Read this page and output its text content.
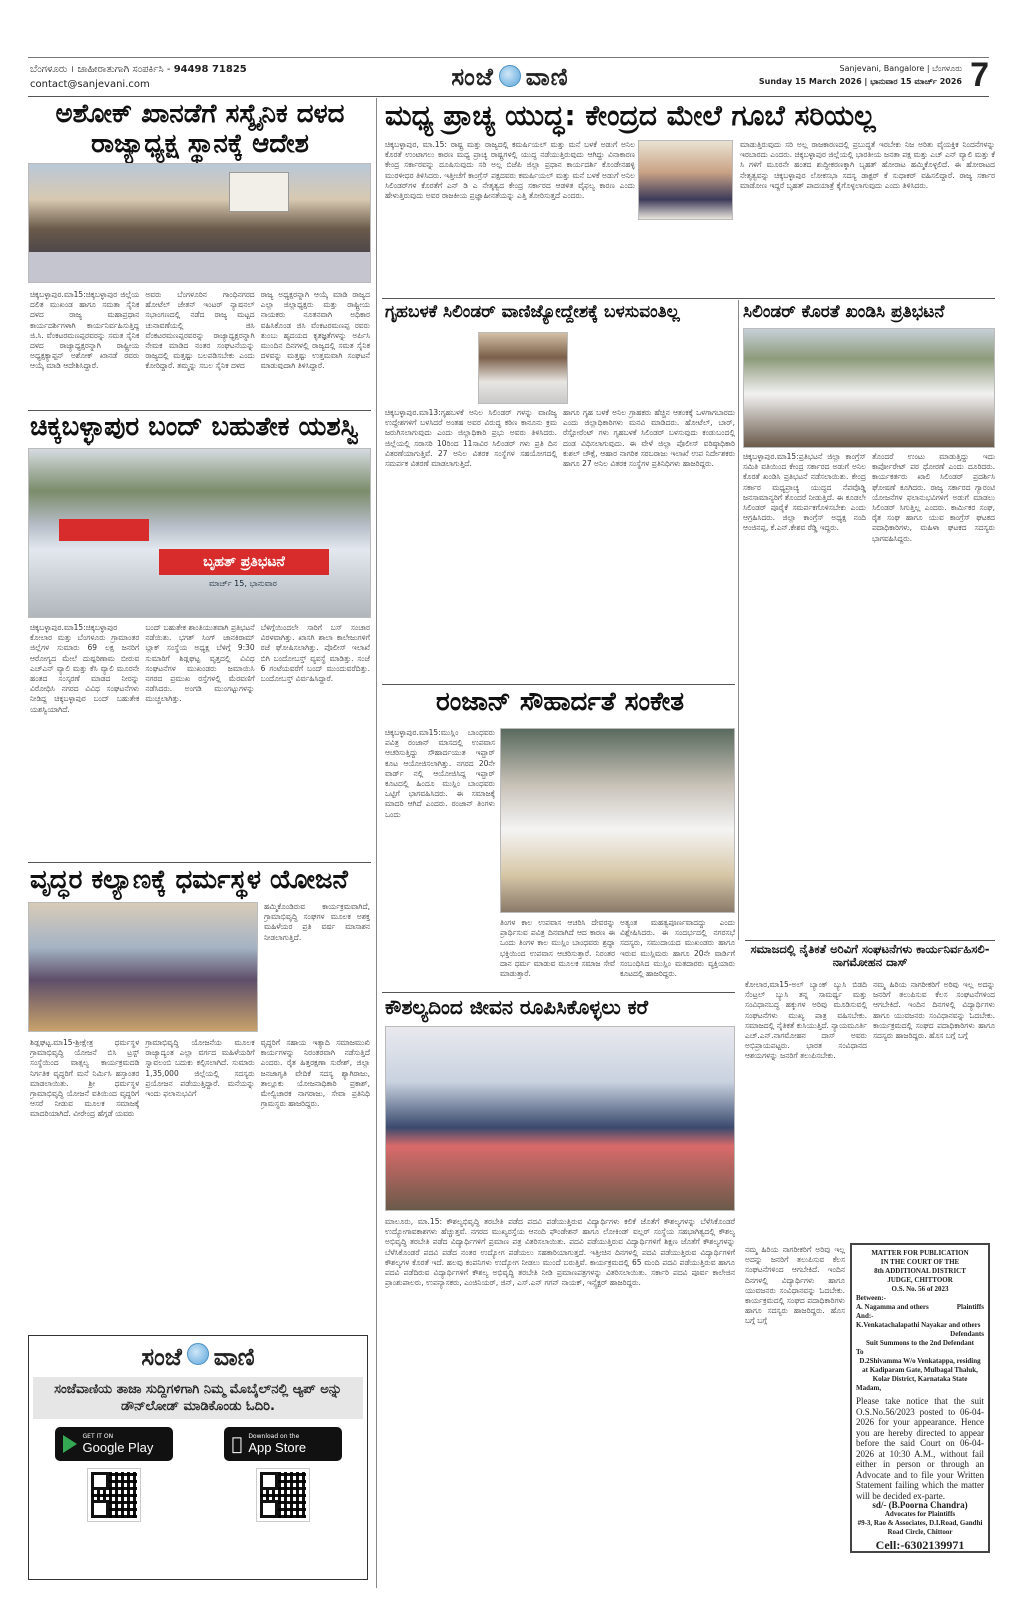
ಬೆಂಗಳೂರು । ಜಾಹೀರಾತುಗಾಗಿ ಸಂಪರ್ಕಿಸಿ - 94498 71825
contact@sanjevani.com	ಸಂಜೆ ವಾಣಿ	Sanjevani, Bangalore | ಬೆಂಗಳೂರು
Sunday 15 March 2026 | ಭಾನುವಾರ 15 ಮಾರ್ಚ್ 2026 7
ಅಶೋಕ್ ಖಾನಡೆಗೆ ಸಸ್ಶೈನಿಕ ದಳದ ರಾಜ್ಯಾಧ್ಯಕ್ಷ ಸ್ಥಾನಕ್ಕೆ ಆದೇಶ
ಚಿಕ್ಕಬಳ್ಳಾಪುರ.ಮಾ15:ಚಿಕ್ಕಬಳ್ಳಾಪುರ ಜಿಲ್ಲೆಯ ದಲಿತ ಮುಖಂಡ ಹಾಗೂ ಸಮತಾ ಸೈನಿಕ ದಳದ ರಾಜ್ಯ ಮಹಾಪ್ರಧಾನ ಕಾರ್ಯದರ್ಶಿಗಳಾಗಿ ಕಾರ್ಯನಿರ್ವಹಿಸುತ್ತಿದ್ದ ಜಿ.ಸಿ. ವೆಂಕಟರಮಣಪ್ಪರವರನ್ನು ಸಮತ ಸೈನಿಕ ದಳದ ರಾಜ್ಯಾಧ್ಯಕ್ಷರನ್ನಾಗಿ ರಾಷ್ಟ್ರೀಯ ಅಧ್ಯಕ್ಷಕ್ಯಾಪ್ಟನ್ ಅಶೋಕ್ ಖಾನಡೆ ರವರು ಆಯ್ಕೆ ಮಾಡಿ ಆದೇಶಿಸಿದ್ದಾರೆ.
ಅವರು ಬೆಂಗಳೂರಿನ ಗಾಂಧಿನಗರದ ಹೋಟೆಲ್ ಜೇತನ್ ಇಂಟರ್ ನ್ಯಾಷನಲ್ ಸಭಾಂಗಣದಲ್ಲಿ ನಡೆದ ರಾಜ್ಯ ಮಟ್ಟದ ಚುನಾವಣೆಯಲ್ಲಿ ಜಿಸಿ ವೆಂಕಟರಮಣಪ್ಪರವರನ್ನು ರಾಜ್ಯಾಧ್ಯಕ್ಷರನ್ನಾಗಿ ನೇಮಕ ಮಾಡಿದ ನಂತರ ಸಂಘಟನೆಯನ್ನು ರಾಜ್ಯದಲ್ಲಿ ಮತ್ತಷ್ಟು ಬಲಪಡಿಸಬೇಕು ಎಂದು ಕೋರಿದ್ದಾರೆ. ತಮ್ಮನ್ನು ಸಬಲ ಸೈನಿಕ ದಳದ
ರಾಜ್ಯ ಅಧ್ಯಕ್ಷರನ್ನಾಗಿ ಆಯ್ಕೆ ಮಾಡಿ ರಾಜ್ಯದ ಎಲ್ಲಾ ಜಿಲ್ಲಾಧ್ಯಕ್ಷರು ಮತ್ತು ರಾಷ್ಟ್ರೀಯ ನಾಯಕರು ನೂತನವಾಗಿ ಅಧಿಕಾರ ವಹಿಸಿಕೊಂಡ ಜಿಸಿ ವೆಂಕಟರಮಣಪ್ಪ ರವರು ತುಂಬು ಹೃದಯದ ಕೃತಜ್ಞತೆಗಳನ್ನು ಅರ್ಪಿಸಿ ಮುಂದಿನ ದಿನಗಳಲ್ಲಿ ರಾಜ್ಯದಲ್ಲಿ ಸಮತ ಸೈನಿಕ ದಳವನ್ನು ಮತ್ತಷ್ಟು ಉತ್ತಮವಾಗಿ ಸಂಘಟನೆ ಮಾಡುವುದಾಗಿ ತಿಳಿಸಿದ್ದಾರೆ.
ಚಿಕ್ಕಬಳ್ಳಾಪುರ ಬಂದ್ ಬಹುತೇಕ ಯಶಸ್ವಿ
ಬೃಹತ್ ಪ್ರತಿಭಟನೆ
ಮಾರ್ಚ್ 15, ಭಾನುವಾರ
ಚಿಕ್ಕಬಳ್ಳಾಪುರ.ಮಾ15:ಚಿಕ್ಕಬಳ್ಳಾಪುರ ಕೋಲಾರ ಮತ್ತು ಬೆಂಗಳೂರು ಗ್ರಾಮಾಂತರ ಜಿಲ್ಲೆಗಳ ಸುಮಾರು 69 ಲಕ್ಷ ಜನರಿಗೆ ಆರೋಗ್ಯದ ಮೇಲೆ ದುಷ್ಪರಿಣಾಮ ಬೀರುವ ಎಚ್‌ಎನ್ ವ್ಯಾಲಿ ಮತ್ತು ಕೆಸಿ ವ್ಯಾಲಿ ಮೂರನೇ ಹಂತದ ಸಂಸ್ಕರಣೆ ಮಾಡದ ನೀರನ್ನು ವಿರೋಧಿಸಿ ನಗರದ ವಿವಿಧ ಸಂಘಟನೆಗಳು ನೀಡಿದ್ದ ಚಿಕ್ಕಬಳ್ಳಾಪುರ ಬಂದ್ ಬಹುತೇಕ ಯಶಸ್ವಿಯಾಗಿದೆ.
ಬಂದ್ ಬಹುತೇಕ ಶಾಂತಿಯುತವಾಗಿ ಪ್ರತಿಭಟನೆ ನಡೆಯಿತು. ಭಗತ್ ಸಿಂಗ್ ಜಾನಕಿರಾಮ್ ಬ್ಲಾಕ್ ಸಂಸ್ಥೆಯ ಅಧ್ಯಕ್ಷ ಬೆಳಿಗ್ಗೆ 9:30 ಸುಮಾರಿಗೆ ಶಿಡ್ಲಘಟ್ಟ ವೃತ್ತದಲ್ಲಿ ವಿವಿಧ ಸಂಘಟನೆಗಳ ಮುಖಂಡರು ಜಮಾಯಿಸಿ ನಗರದ ಪ್ರಮುಖ ರಸ್ತೆಗಳಲ್ಲಿ ಮೆರವಣಿಗೆ ನಡೆಸಿದರು. ಅಂಗಡಿ ಮುಂಗಟ್ಟುಗಳನ್ನು ಮುಚ್ಚಲಾಗಿತ್ತು.
ಬೆಳಿಗ್ಗೆಯಿಂದಲೇ ಸಾರಿಗೆ ಬಸ್ ಸಂಚಾರ ವಿರಳವಾಗಿತ್ತು. ಖಾಸಗಿ ಶಾಲಾ ಕಾಲೇಜುಗಳಿಗೆ ರಜೆ ಘೋಷಿಸಲಾಗಿತ್ತು. ಪೊಲೀಸ್ ಇಲಾಖೆ ಬಿಗಿ ಬಂದೋಬಸ್ತ್ ವ್ಯವಸ್ಥೆ ಮಾಡಿತ್ತು. ಸಂಜೆ 6 ಗಂಟೆಯವರೆಗೆ ಬಂದ್ ಮುಂದುವರೆದಿತ್ತು. ಬಂದೋಬಸ್ತ್ ವಿರ್ವಹಿಸಿದ್ದಾರೆ.
ವೃದ್ಧರ ಕಲ್ಯಾಣಕ್ಕೆ ಧರ್ಮಸ್ಥಳ ಯೋಜನೆ
ಹಮ್ಮಿಕೊಂಡಿರುವ ಕಾರ್ಯಕ್ರಮವಾಗಿದೆ, ಗ್ರಾಮಾಭಿವೃದ್ಧಿ ಸಂಘಗಳ ಮೂಲಕ ಅಶಕ್ತ ಮಹಿಳೆಯರ ಪ್ರತಿ ವರ್ಷ ಮಾಸಾಶನ ನೀಡಲಾಗುತ್ತಿದೆ.
ಶಿಡ್ಲಘಟ್ಟ.ಮಾ15-ಶ್ರೀಕ್ಷೇತ್ರ ಧರ್ಮಸ್ಥಳ ಗ್ರಾಮಾಭಿವೃದ್ಧಿ ಯೋಜನೆ ಬಿಸಿ ಟ್ರಸ್ಟ್ ಸಂಸ್ಥೆಯಿಂದ ವಾತ್ಸಲ್ಯ ಕಾರ್ಯಕ್ರಮದಡಿ ನಿರ್ಗತಿಕ ವೃದ್ಧರಿಗೆ ಮನೆ ನಿರ್ಮಿಸಿ ಹಸ್ತಾಂತರ ಮಾಡಲಾಯಿತು. ಶ್ರೀ ಧರ್ಮಸ್ಥಳ ಗ್ರಾಮಾಭಿವೃದ್ಧಿ ಯೋಜನೆ ವತಿಯಿಂದ ವೃದ್ಧರಿಗೆ ಆಸರೆ ನೀಡುವ ಮೂಲಕ ಸಮಾಜಕ್ಕೆ ಮಾದರಿಯಾಗಿದೆ. ವೀರೇಂದ್ರ ಹೆಗ್ಗಡೆ ಯವರು
ಗ್ರಾಮಾಭಿವೃದ್ಧಿ ಯೋಜನೆಯ ಮೂಲಕ ರಾಜ್ಯಾದ್ಯಂತ ಎಲ್ಲಾ ವರ್ಗದ ಮಹಿಳೆಯರಿಗೆ ಸ್ವಾವಲಂಬಿ ಬದುಕು ಕಲ್ಪಿಸಲಾಗಿದೆ. ಸುಮಾರು 1,35,000 ಜಿಲ್ಲೆಯಲ್ಲಿ ಸದಸ್ಯರು ಪ್ರಯೋಜನ ಪಡೆಯುತ್ತಿದ್ದಾರೆ. ಮನೆಯನ್ನು ಇಂದು ಫಲಾನುಭವಿಗೆ
ವೃದ್ಧರಿಗೆ ಸಹಾಯ ಇತ್ಯಾದಿ ಸಮಾಜಮುಖಿ ಕಾರ್ಯಗಳನ್ನು ನಿರಂತರವಾಗಿ ನಡೆಸುತ್ತಿದೆ ಎಂದರು. ರೈತ ಹಿತ್ತರಕ್ಷಣಾ ಸುರೇಶ್, ಜಿಲ್ಲಾ ಜನಜಾಗೃತಿ ವೇದಿಕೆ ಸದಸ್ಯ ಶ್ಯಾಗಿರಾಜು, ತಾಲ್ಲೂಕು ಯೋಜನಾಧಿಕಾರಿ ಪ್ರಕಾಶ್, ಮೇಲ್ವಿಚಾರಕ ನಾಗರಾಜು, ಸೇವಾ ಪ್ರತಿನಿಧಿ ಗ್ರಾಮಸ್ಥರು ಹಾಜರಿದ್ದರು.
ಸಂಜೆ ವಾಣಿ
ಸಂಜೆವಾಣಿಯ ತಾಜಾ ಸುದ್ದಿಗಳಿಗಾಗಿ ನಿಮ್ಮ ಮೊಬೈಲ್‌ನಲ್ಲಿ ಆ್ಯಪ್ ಅನ್ನು ಡೌನ್‌ಲೋಡ್ ಮಾಡಿಕೊಂಡು ಓದಿರಿ.
GET IT ON
Google Play
Download on the
App Store
ಮಧ್ಯ ಪ್ರಾಚ್ಯ ಯುದ್ಧ: ಕೇಂದ್ರದ ಮೇಲೆ ಗೂಬೆ ಸರಿಯಲ್ಲ
ಚಿಕ್ಕಬಳ್ಳಾಪುರ, ಮಾ.15: ರಾಷ್ಟ್ರ ಮತ್ತು ರಾಜ್ಯದಲ್ಲಿ ಕಮರ್ಷಿಯಲ್ ಮತ್ತು ಮನೆ ಬಳಕೆ ಅಡುಗೆ ಅನಿಲ ಕೊರತೆ ಉಂಟಾಗಲು ಕಾರಣ ಮಧ್ಯ ಪ್ರಾಚ್ಯ ರಾಷ್ಟ್ರಗಳಲ್ಲಿ ಯುದ್ಧ ನಡೆಯುತ್ತಿರುವುದು ಆಗಿದ್ದು ವಿನಾಕಾರಣ ಕೇಂದ್ರ ಸರ್ಕಾರವನ್ನು ದೂಷಿಸುವುದು ಸರಿ ಅಲ್ಲ ಬಿಜೆಪಿ ಜಿಲ್ಲಾ ಪ್ರಧಾನ ಕಾರ್ಯದರ್ಶಿ ಕೊಂಡೇನಹಳ್ಳಿ ಮುರಳೀಧರ ತಿಳಿಸಿದರು. ಇತ್ತೀಚೆಗೆ ಕಾಂಗ್ರೆಸ್ ಪಕ್ಷದವರು ಕಮರ್ಷಿಯಲ್ ಮತ್ತು ಮನೆ ಬಳಕೆ ಅಡುಗೆ ಅನಿಲ ಸಿಲಿಂಡರ್‌ಗಳ ಕೊರತೆಗೆ ಎನ್ ಡಿ ಎ ನೇತೃತ್ವದ ಕೇಂದ್ರ ಸರ್ಕಾರದ ಆಡಳಿತ ವೈಫಲ್ಯ ಕಾರಣ ಎಂದು ಹೇಳುತ್ತಿರುವುದು ಅವರ ರಾಜಕೀಯ ಪ್ರಜ್ಞಾಹೀನತೆಯನ್ನು ಎತ್ತಿ ತೋರಿಸುತ್ತದೆ ಎಂದರು.
ಮಾಡುತ್ತಿರುವುದು ಸರಿ ಅಲ್ಲ ರಾಜಕಾರಣದಲ್ಲಿ ಪ್ರಬುದ್ಧತೆ ಇರಬೇಕು ನಿಜ ಅರಿತು ವೈಯಕ್ತಿಕ ನಿಂದನೆಗಳನ್ನು ಇರಬಾರದು ಎಂದರು. ಚಿಕ್ಕಬಳ್ಳಾಪುರ ಜಿಲ್ಲೆಯಲ್ಲಿ ಭಾರತೀಯ ಜನತಾ ಪಕ್ಷ ಮತ್ತು ಎಚ್ ಎನ್ ವ್ಯಾಲಿ ಮತ್ತು ಕೆ ಸಿ ಗಳಿಗೆ ಮೂರನೇ ಹಂತದ ಶುದ್ಧೀಕರಣಕ್ಕಾಗಿ ಬೃಹತ್ ಹೋರಾಟ ಹಮ್ಮಿಕೊಳ್ಳಲಿದೆ. ಈ ಹೋರಾಟದ ನೇತೃತ್ವವನ್ನು ಚಿಕ್ಕಬಳ್ಳಾಪುರ ಲೋಕಸಭಾ ಸದಸ್ಯ ಡಾಕ್ಟರ್ ಕೆ ಸುಧಾಕರ್ ವಹಿಸಲಿದ್ದಾರೆ. ರಾಜ್ಯ ಸರ್ಕಾರ ಮಾಡೋಣ ಇದ್ದರೆ ಬೃಹತ್ ಪಾದಯಾತ್ರೆ ಕೈಗೊಳ್ಳಲಾಗುವುದು ಎಂದು ತಿಳಿಸಿದರು.
ಗೃಹಬಳಕೆ ಸಿಲಿಂಡರ್ ವಾಣಿಜ್ಯೋದ್ದೇಶಕ್ಕೆ ಬಳಸುವಂತಿಲ್ಲ
ಚಿಕ್ಕಬಳ್ಳಾಪುರ.ಮಾ13:ಗೃಹಬಳಕೆ ಅನಿಲ ಸಿಲಿಂಡರ್ ಗಳನ್ನು ವಾಣಿಜ್ಯ ಉದ್ದೇಶಗಳಿಗೆ ಬಳಸಿದರೆ ಅಂತಹ ಅವರ ವಿರುದ್ಧ ಕಠಿಣ ಕಾನೂನು ಕ್ರಮ ಜರುಗಿಸಲಾಗುವುದು ಎಂದು ಜಿಲ್ಲಾಧಿಕಾರಿ ಪ್ರಭು ಅವರು ತಿಳಿಸಿದರು. ಜಿಲ್ಲೆಯಲ್ಲಿ ಸರಾಸರಿ 10ರಿಂದ 11ಸಾವಿರ ಸಿಲಿಂಡರ್ ಗಳು ಪ್ರತಿ ದಿನ ವಿತರಣೆಯಾಗುತ್ತಿವೆ. 27 ಅನಿಲ ವಿತರಕ ಸಂಸ್ಥೆಗಳ ಸಹಯೋಗದಲ್ಲಿ ಸಮರ್ಪಕ ವಿತರಣೆ ಮಾಡಲಾಗುತ್ತಿದೆ.
ಹಾಗೂ ಗೃಹ ಬಳಕೆ ಅನಿಲ ಗ್ರಾಹಕರು ಹೆಚ್ಚಿನ ಆತಂಕಕ್ಕೆ ಒಳಗಾಗಬಾರದು ಎಂದು ಜಿಲ್ಲಾಧಿಕಾರಿಗಳು ಮನವಿ ಮಾಡಿದರು. ಹೋಟೆಲ್, ಬಾರ್, ರೆಸ್ಟೋರೆಂಟ್ ಗಳು ಗೃಹಬಳಕೆ ಸಿಲಿಂಡರ್ ಬಳಸುವುದು ಕಂಡುಬಂದಲ್ಲಿ ದಂಡ ವಿಧಿಸಲಾಗುವುದು. ಈ ವೇಳೆ ಜಿಲ್ಲಾ ಪೊಲೀಸ್ ವರಿಷ್ಠಾಧಿಕಾರಿ ಕುಶಲ್ ಚೌಕ್ಸೆ, ಆಹಾರ ನಾಗರಿಕ ಸರಬರಾಜು ಇಲಾಖೆ ಉಪ ನಿರ್ದೇಶಕರು ಹಾಗೂ 27 ಅನಿಲ ವಿತರಕ ಸಂಸ್ಥೆಗಳ ಪ್ರತಿನಿಧಿಗಳು ಹಾಜರಿದ್ದರು.
ಸಿಲಿಂಡರ್ ಕೊರತೆ ಖಂಡಿಸಿ ಪ್ರತಿಭಟನೆ
ಚಿಕ್ಕಬಳ್ಳಾಪುರ.ಮಾ15:ಪ್ರತಿಭಟನೆ ಜಿಲ್ಲಾ ಕಾಂಗ್ರೆಸ್ ಸಮಿತಿ ವತಿಯಿಂದ ಕೇಂದ್ರ ಸರ್ಕಾರದ ಅಡುಗೆ ಅನಿಲ ಕೊರತೆ ಖಂಡಿಸಿ ಪ್ರತಿಭಟನೆ ನಡೆಸಲಾಯಿತು. ಕೇಂದ್ರ ಸರ್ಕಾರ ಮಧ್ಯಪ್ರಾಚ್ಯ ಯುದ್ಧದ ನೆಪವೊಡ್ಡಿ ಜನಸಾಮಾನ್ಯರಿಗೆ ತೊಂದರೆ ನೀಡುತ್ತಿದೆ. ಈ ಕೂಡಲೇ ಸಿಲಿಂಡರ್ ಪೂರೈಕೆ ಸಮರ್ಪಕಗೊಳಿಸಬೇಕು ಎಂದು ಆಗ್ರಹಿಸಿದರು. ಜಿಲ್ಲಾ ಕಾಂಗ್ರೆಸ್ ಅಧ್ಯಕ್ಷ ನಂದಿ ಆಂಜಿನಪ್ಪ, ಕೆ.ಎನ್.ಕೇಶವ ರೆಡ್ಡಿ ಇದ್ದರು.
ತೊಂದರೆ ಉಂಟು ಮಾಡುತ್ತಿದ್ದು ಇದು ಕಾರ್ಪೋರೇಟ್ ಪರ ಧೋರಣೆ ಎಂದು ದೂರಿದರು. ಕಾರ್ಯಕರ್ತರು ಖಾಲಿ ಸಿಲಿಂಡರ್ ಪ್ರದರ್ಶಿಸಿ ಘೋಷಣೆ ಕೂಗಿದರು. ರಾಜ್ಯ ಸರ್ಕಾರದ ಗ್ಯಾರಂಟಿ ಯೋಜನೆಗಳ ಫಲಾನುಭವಿಗಳಿಗೆ ಅಡುಗೆ ಮಾಡಲು ಸಿಲಿಂಡರ್ ಸಿಗುತ್ತಿಲ್ಲ ಎಂದರು. ಕಾರ್ಮಿಕರ ಸಂಘ, ರೈತ ಸಂಘ ಹಾಗೂ ಯುವ ಕಾಂಗ್ರೆಸ್ ಘಟಕದ ಪದಾಧಿಕಾರಿಗಳು, ಮಹಿಳಾ ಘಟಕದ ಸದಸ್ಯರು ಭಾಗವಹಿಸಿದ್ದರು.
ರಂಜಾನ್ ಸೌಹಾರ್ದತೆ ಸಂಕೇತ
ಚಿಕ್ಕಬಳ್ಳಾಪುರ.ಮಾ15:ಮುಸ್ಲಿಂ ಬಾಂಧವರು ಪವಿತ್ರ ರಂಜಾನ್ ಮಾಸದಲ್ಲಿ ಉಪವಾಸ ಆಚರಿಸುತ್ತಿದ್ದು ಸೌಹಾರ್ದಯುತ ಇಫ್ತಾರ್ ಕೂಟ ಆಯೋಜಿಸಲಾಗಿತ್ತು. ನಗರದ 20ನೇ ವಾರ್ಡ್ ನಲ್ಲಿ ಆಯೋಜಿಸಿದ್ದ ಇಫ್ತಾರ್ ಕೂಟದಲ್ಲಿ ಹಿಂದೂ ಮುಸ್ಲಿಂ ಬಾಂಧವರು ಒಟ್ಟಿಗೆ ಭಾಗವಹಿಸಿದರು. ಈ ಸಮಾಜಕ್ಕೆ ಮಾದರಿ ಆಗಿದೆ ಎಂದರು. ರಂಜಾನ್ ತಿಂಗಳು ಒಂದು
ತಿಂಗಳ ಕಾಲ ಉಪವಾಸ ಆಚರಿಸಿ ದೇವರನ್ನು ಪ್ರಾರ್ಥಿಸುವ ಪವಿತ್ರ ದಿನವಾಗಿದೆ ಆದ ಕಾರಣ ಈ ಒಂದು ತಿಂಗಳ ಕಾಲ ಮುಸ್ಲಿಂ ಬಾಂಧವರು ಶ್ರದ್ಧಾ ಭಕ್ತಿಯಿಂದ ಉಪವಾಸ ಆಚರಿಸುತ್ತಾರೆ. ನಿರಂತರ ದಾನ ಧರ್ಮ ಮಾಡುವ ಮೂಲಕ ಸಮಾಜ ಸೇವೆ ಮಾಡುತ್ತಾರೆ.
ಅತ್ಯಂತ ಮಹತ್ವಪೂರ್ಣವಾದದ್ದು ಎಂದು ವಿಶ್ಲೇಷಿಸಿದರು. ಈ ಸಂದರ್ಭದಲ್ಲಿ ನಗರಸಭೆ ಸದಸ್ಯರು, ಸಮುದಾಯದ ಮುಖಂಡರು ಹಾಗೂ ಇರುವ ಮುಸ್ಲಿಮರು ಹಾಗೂ 20ನೇ ವಾರ್ಡಿಗೆ ಸಂಬಂಧಿಸಿದ ಮುಸ್ಲಿಂ ಮತದಾರರು ವ್ಯಕ್ತಿಯಾರು ಕೂಟದಲ್ಲಿ ಹಾಜರಿದ್ದರು.
ಸಮಾಜದಲ್ಲಿ ನೈತಿಕತೆ ಅರಿವಿಗೆ ಸಂಘಟನೆಗಳು ಕಾರ್ಯನಿರ್ವಹಿಸಲಿ-ನಾಗಮೋಹನ ದಾಸ್
ಕೋಲಾರ,ಮಾ15-ಅಲ್ ಬ್ಯಾಂಕ್ ಬ್ಯುಸಿ ಬಿಡದಿ ಸೆಂಟ್ರಲ್ ಬ್ಯುಸಿ ತನ್ನ ಸಾಮರ್ಥ್ಯ ಮತ್ತು ಸಂವಿಧಾನಬದ್ಧ ಹಕ್ಕುಗಳ ಅರಿವು ಮೂಡಿಸುವಲ್ಲಿ ಸಂಘಟನೆಗಳು ಮುಖ್ಯ ಪಾತ್ರ ವಹಿಸಬೇಕು. ಸಮಾಜದಲ್ಲಿ ನೈತಿಕತೆ ಕುಸಿಯುತ್ತಿದೆ. ನ್ಯಾಯಮೂರ್ತಿ ಎಚ್.ಎನ್.ನಾಗಮೋಹನ ದಾಸ್ ಅವರು ಅಭಿಪ್ರಾಯಪಟ್ಟರು. ಭಾರತ ಸಂವಿಧಾನದ ಆಶಯಗಳನ್ನು ಜನರಿಗೆ ತಲುಪಿಸಬೇಕು.
ನಮ್ಮ ಹಿರಿಯ ನಾಗರೀಕರಿಗೆ ಅರಿವು ಇಲ್ಲ ಅದನ್ನು ಜನರಿಗೆ ತಲುಪಿಸುವ ಕೆಲಸ ಸಂಘಟನೆಗಳಿಂದ ಆಗಬೇಕಿದೆ. ಇಂದಿನ ದಿನಗಳಲ್ಲಿ ವಿದ್ಯಾರ್ಥಿಗಳು ಹಾಗೂ ಯುವಜನರು ಸಂವಿಧಾನವನ್ನು ಓದಬೇಕು. ಕಾರ್ಯಕ್ರಮದಲ್ಲಿ ಸಂಘದ ಪದಾಧಿಕಾರಿಗಳು ಹಾಗೂ ಸದಸ್ಯರು ಹಾಜರಿದ್ದರು. ಹೊಸ ಬಗ್ಗೆ ಬಗ್ಗೆ
ನಮ್ಮ ಹಿರಿಯ ನಾಗರೀಕರಿಗೆ ಅರಿವು ಇಲ್ಲ ಅದನ್ನು ಜನರಿಗೆ ತಲುಪಿಸುವ ಕೆಲಸ ಸಂಘಟನೆಗಳಿಂದ ಆಗಬೇಕಿದೆ. ಇಂದಿನ ದಿನಗಳಲ್ಲಿ ವಿದ್ಯಾರ್ಥಿಗಳು ಹಾಗೂ ಯುವಜನರು ಸಂವಿಧಾನವನ್ನು ಓದಬೇಕು. ಕಾರ್ಯಕ್ರಮದಲ್ಲಿ ಸಂಘದ ಪದಾಧಿಕಾರಿಗಳು ಹಾಗೂ ಸದಸ್ಯರು ಹಾಜರಿದ್ದರು. ಹೊಸ ಬಗ್ಗೆ ಬಗ್ಗೆ
ಕೌಶಲ್ಯದಿಂದ ಜೀವನ ರೂಪಿಸಿಕೊಳ್ಳಲು ಕರೆ
ಮಾಲೂರು, ಮಾ.15: ಕೌಶಲ್ಯಭಿವೃದ್ಧಿ ತರಬೇತಿ ಪಡೆದ ಪದವಿ ಪಡೆಯುತ್ತಿರುವ ವಿದ್ಯಾರ್ಥಿಗಳು ಕಲಿಕೆ ಜೊತೆಗೆ ಕೌಶಲ್ಯಗಳನ್ನು ಬೆಳೆಸಿಕೊಂಡರೆ ಉದ್ಯೋಗಾವಕಾಶಗಳು ಹೆಚ್ಚುತ್ತವೆ. ನಗರದ ಮುಖ್ಯರಸ್ತೆಯ ಆನಂದಿ ಫೌಂಡೇಶನ್ ಹಾಗೂ ಲೋಕಿಂಡ್ ವಲ್ಲರ್ ಸಂಸ್ಥೆಯ ಸಹಭಾಗಿತ್ವದಲ್ಲಿ ಕೌಶಲ್ಯ ಅಭಿವೃದ್ಧಿ ತರಬೇತಿ ಪಡೆದ ವಿದ್ಯಾರ್ಥಿಗಳಿಗೆ ಪ್ರಮಾಣ ಪತ್ರ ವಿತರಿಸಲಾಯಿತು. ಪದವಿ ಪಡೆಯುತ್ತಿರುವ ವಿದ್ಯಾರ್ಥಿಗಳಿಗೆ ಶಿಕ್ಷಣ ಜೊತೆಗೆ ಕೌಶಲ್ಯಗಳನ್ನು ಬೆಳೆಸಿಕೊಂಡರೆ ಪದವಿ ಪಡೆದ ನಂತರ ಉದ್ಯೋಗ ಪಡೆಯಲು ಸಹಕಾರಿಯಾಗುತ್ತದೆ. ಇತ್ತೀಚಿನ ದಿನಗಳಲ್ಲಿ ಪದವಿ ಪಡೆಯುತ್ತಿರುವ ವಿದ್ಯಾರ್ಥಿಗಳಿಗೆ ಕೌಶಲ್ಯಗಳ ಕೊರತೆ ಇದೆ. ಹಲವು ಕಂಪನಿಗಳು ಉದ್ಯೋಗ ನೀಡಲು ಮುಂದೆ ಬರುತ್ತಿವೆ. ಕಾರ್ಯಕ್ರಮದಲ್ಲಿ 65 ಮಂದಿ ಪದವಿ ಪಡೆಯುತ್ತಿರುವ ಹಾಗೂ ಪದವಿ ಪಡೆದಿರುವ ವಿದ್ಯಾರ್ಥಿಗಳಿಗೆ ಕೌಶಲ್ಯ ಅಭಿವೃದ್ಧಿ ತರಬೇತಿ ನೀಡಿ ಪ್ರಮಾಣಪತ್ರಗಳನ್ನು ವಿತರಿಸಲಾಯಿತು. ಸರ್ಕಾರಿ ಪದವಿ ಪೂರ್ವ ಕಾಲೇಜಿನ ಪ್ರಾಂಶುಪಾಲರು, ಉಪನ್ಯಾಸಕರು, ಎಂಜಿನಿಯರ್, ಜಿನ್, ಎಸ್.ಎನ್ ಗಗನ್ ನಾಯಕ್, ಇನ್ಸ್ಪೆಕ್ಟರ್ ಹಾಜರಿದ್ದರು.
MATTER FOR PUBLICATION
IN THE COURT OF THE
8th ADDITIONAL DISTRICT
JUDGE, CHITTOOR
O.S. No. 56 of 2023
Between:-
A. Nagamma and others	Plaintiffs
And:-
K.Venkatachalapathi Nayakar and others
Defendants
Suit Summons to the 2nd Defendant
To
D.2Shivamma W/o Venkatappa, residing at Kadiparam Gate, Mulbagal Thaluk, Kolar District, Karnataka State
Madam,
Please take notice that the suit O.S.No.56/2023 posted to 06-04-2026 for your appearance. Hence you are hereby directed to appear before the said Court on 06-04-2026 at 10:30 A.M., without fail either in person or through an Advocate and to file your Written Statement failing which the matter will be decided ex-parte.
sd/- (B.Poorna Chandra)
Advocates for Plaintiffs
#9-3, Rao & Associates, D.I.Road, Gandhi Road Circle, Chittoor
Cell:-6302139971
